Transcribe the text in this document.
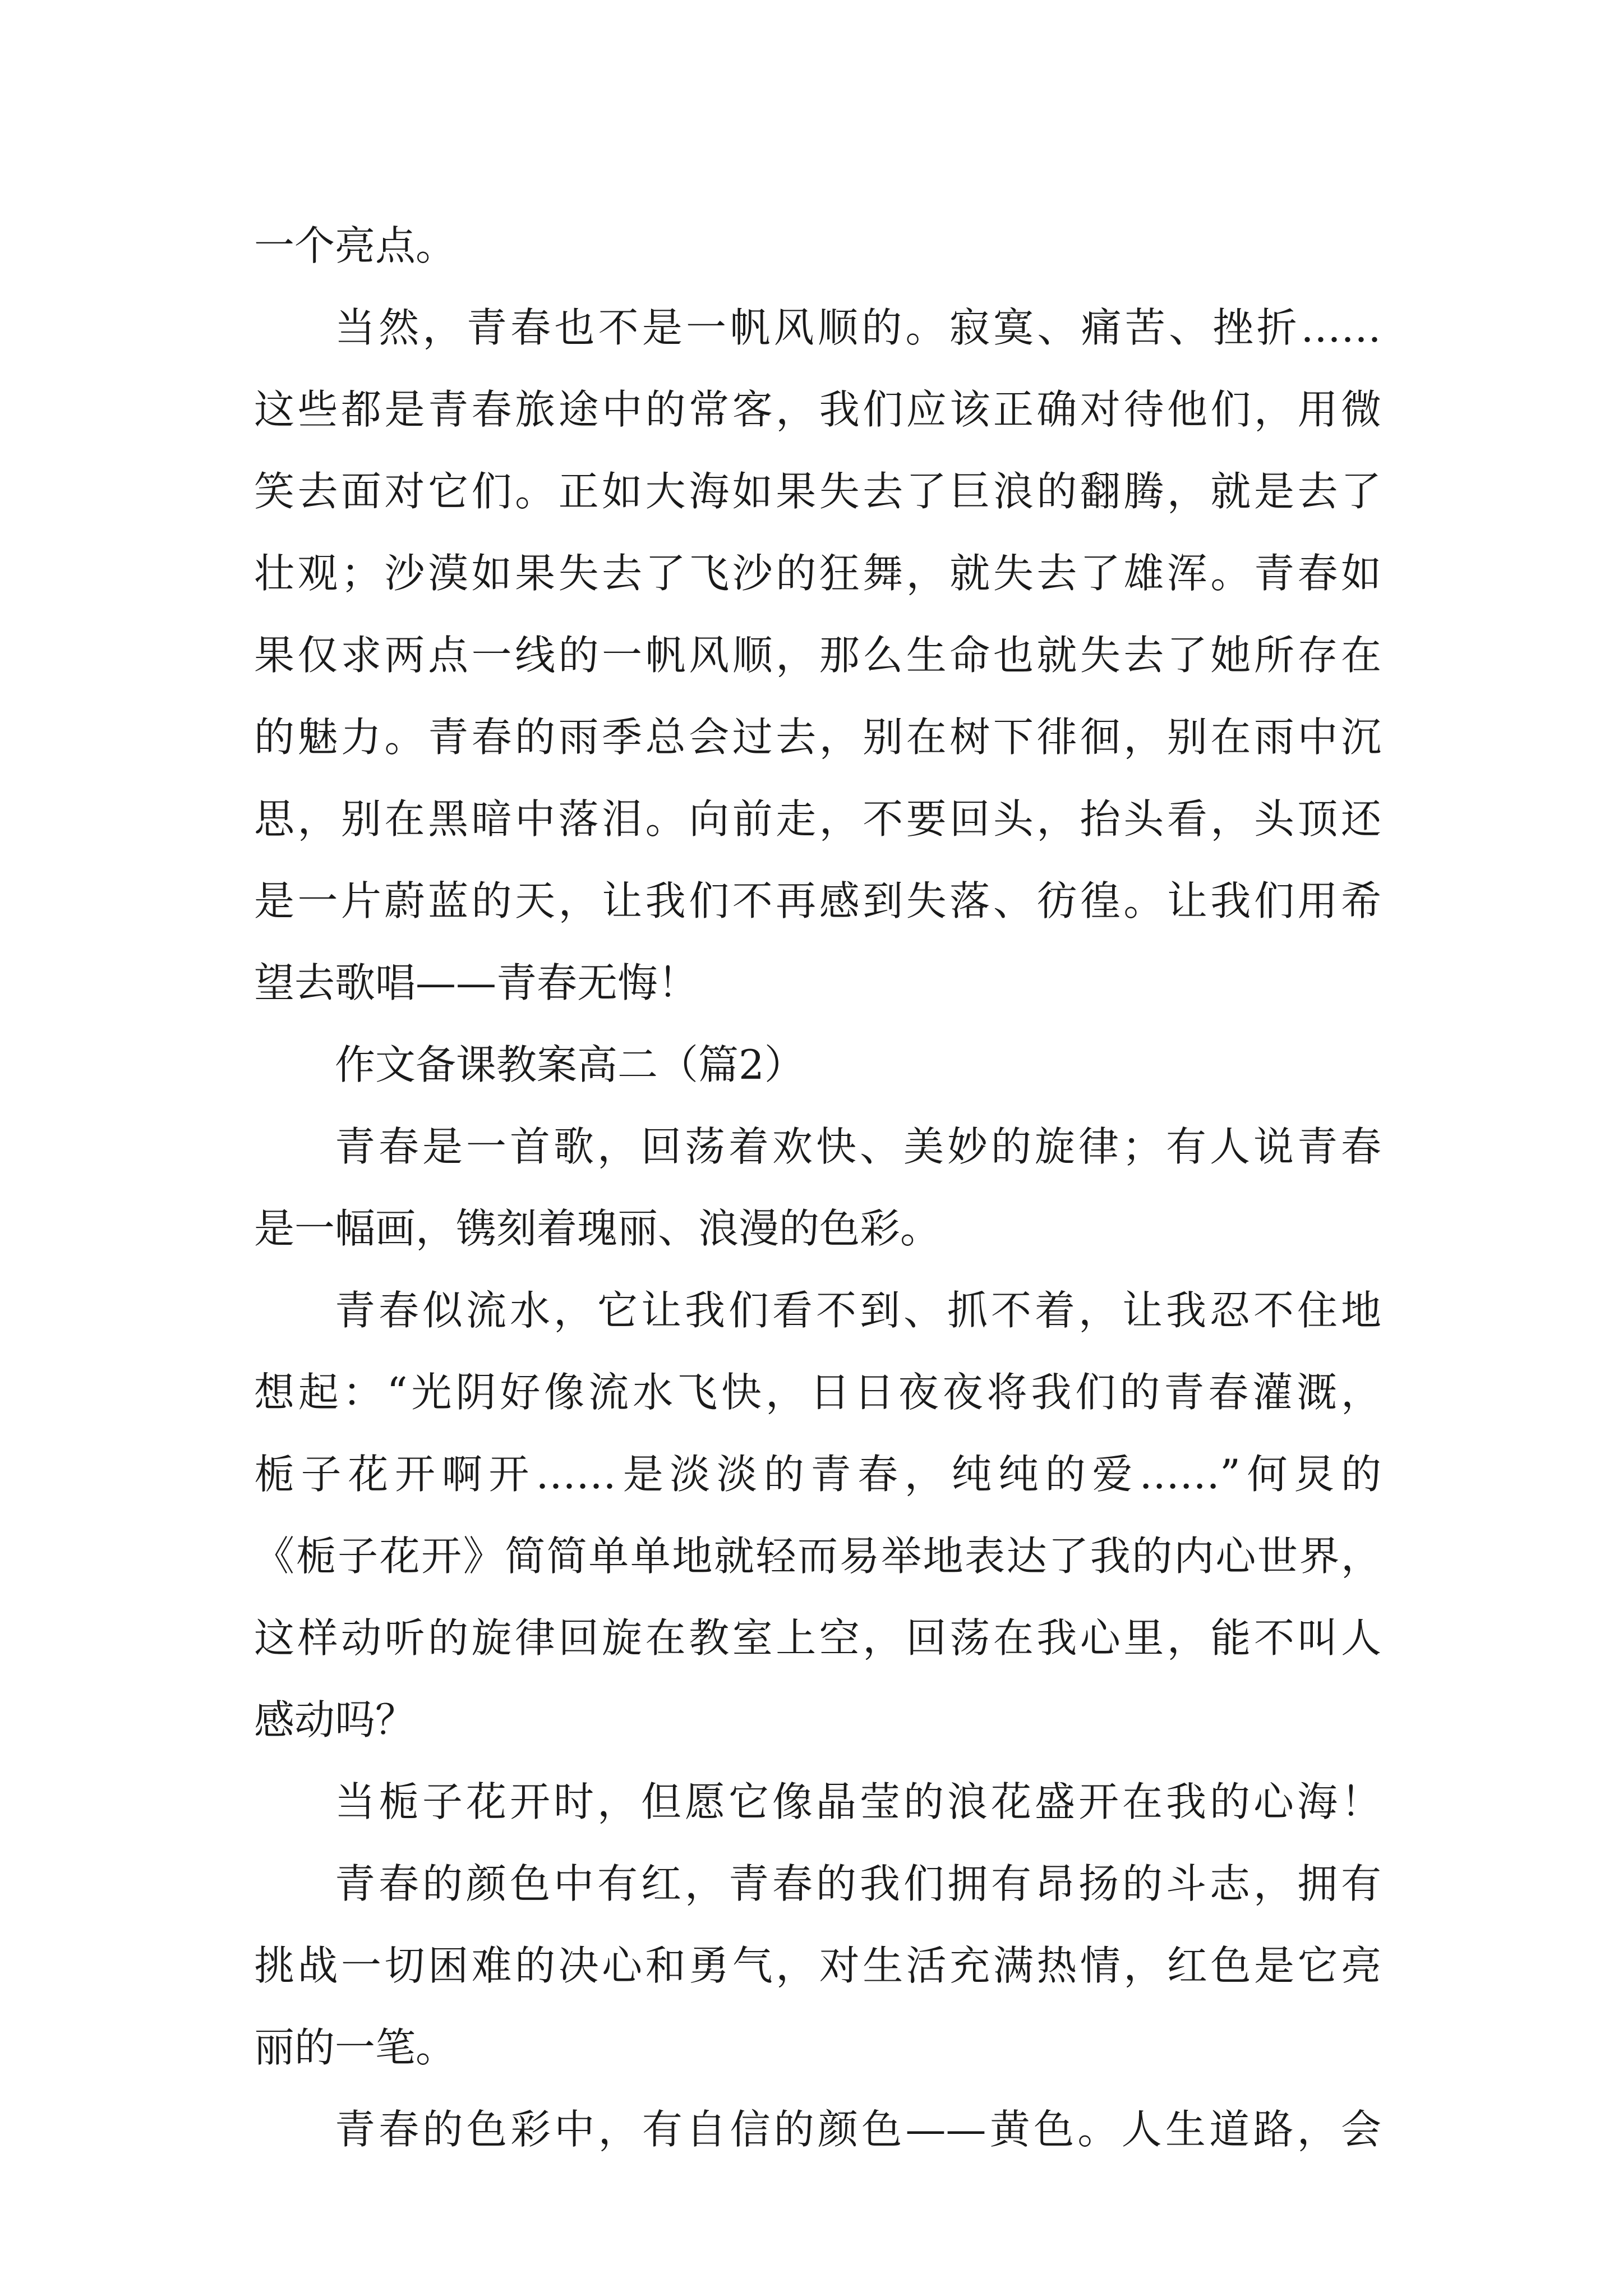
一个亮点。
当然，青春也不是一帆风顺的。寂寞、痛苦、挫折……
这些都是青春旅途中的常客，我们应该正确对待他们，用微
笑去面对它们。正如大海如果失去了巨浪的翻腾，就是去了
壮观；沙漠如果失去了飞沙的狂舞，就失去了雄浑。青春如
果仅求两点一线的一帆风顺，那么生命也就失去了她所存在
的魅力。青春的雨季总会过去，别在树下徘徊，别在雨中沉
思，别在黑暗中落泪。向前走，不要回头，抬头看，头顶还
是一片蔚蓝的天，让我们不再感到失落、彷徨。让我们用希
望去歌唱——青春无悔！
作文备课教案高二（篇2）
青春是一首歌，回荡着欢快、美妙的旋律；有人说青春
是一幅画，镌刻着瑰丽、浪漫的色彩。
青春似流水，它让我们看不到、抓不着，让我忍不住地
想起：“光阴好像流水飞快，日日夜夜将我们的青春灌溉，
栀子花开啊开……是淡淡的青春，纯纯的爱……”何炅的
《栀子花开》简简单单地就轻而易举地表达了我的内心世界，
这样动听的旋律回旋在教室上空，回荡在我心里，能不叫人
感动吗？
当栀子花开时，但愿它像晶莹的浪花盛开在我的心海！
青春的颜色中有红，青春的我们拥有昂扬的斗志，拥有
挑战一切困难的决心和勇气，对生活充满热情，红色是它亮
丽的一笔。
青春的色彩中，有自信的颜色——黄色。人生道路，会
